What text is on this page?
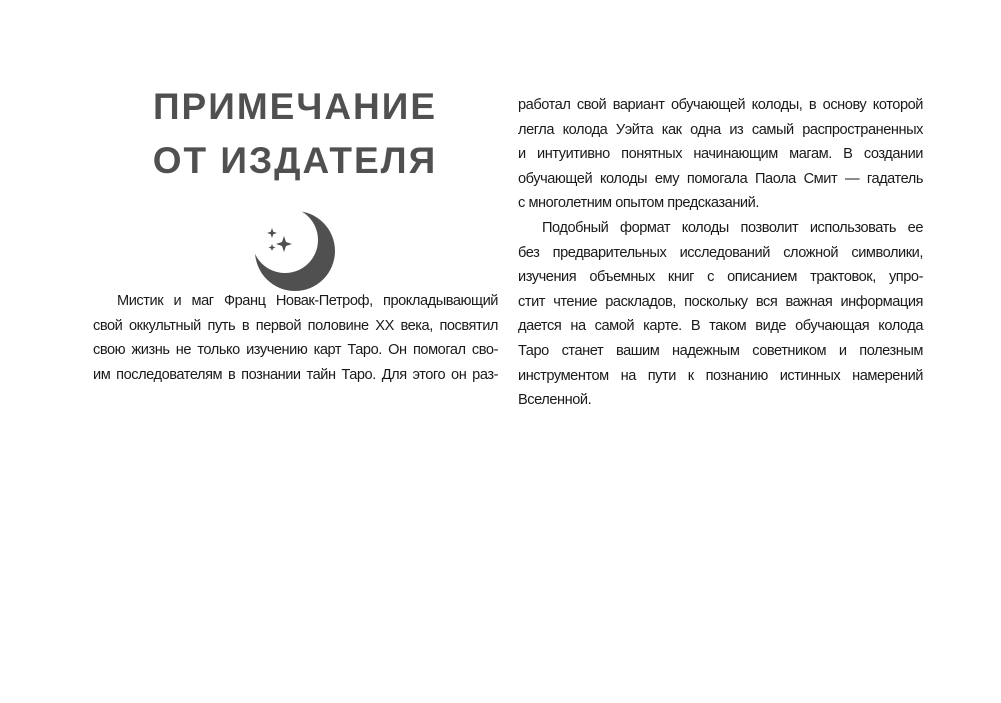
ПРИМЕЧАНИЕ
ОТ ИЗДАТЕЛЯ
Мистик и маг Франц Новак-Петроф, прокладывающий
свой оккультный путь в первой половине XX века, посвятил
свою жизнь не только изучению карт Таро. Он помогал сво-
им последователям в познании тайн Таро. Для этого он раз-
работал свой вариант обучающей колоды, в основу которой
легла колода Уэйта как одна из самый распространенных
и интуитивно понятных начинающим магам. В создании
обучающей колоды ему помогала Паола Смит — гадатель
с многолетним опытом предсказаний.
Подобный формат колоды позволит использовать ее
без предварительных исследований сложной символики,
изучения объемных книг с описанием трактовок, упро-
стит чтение раскладов, поскольку вся важная информация
дается на самой карте. В таком виде обучающая колода
Таро станет вашим надежным советником и полезным
инструментом на пути к познанию истинных намерений
Вселенной.
